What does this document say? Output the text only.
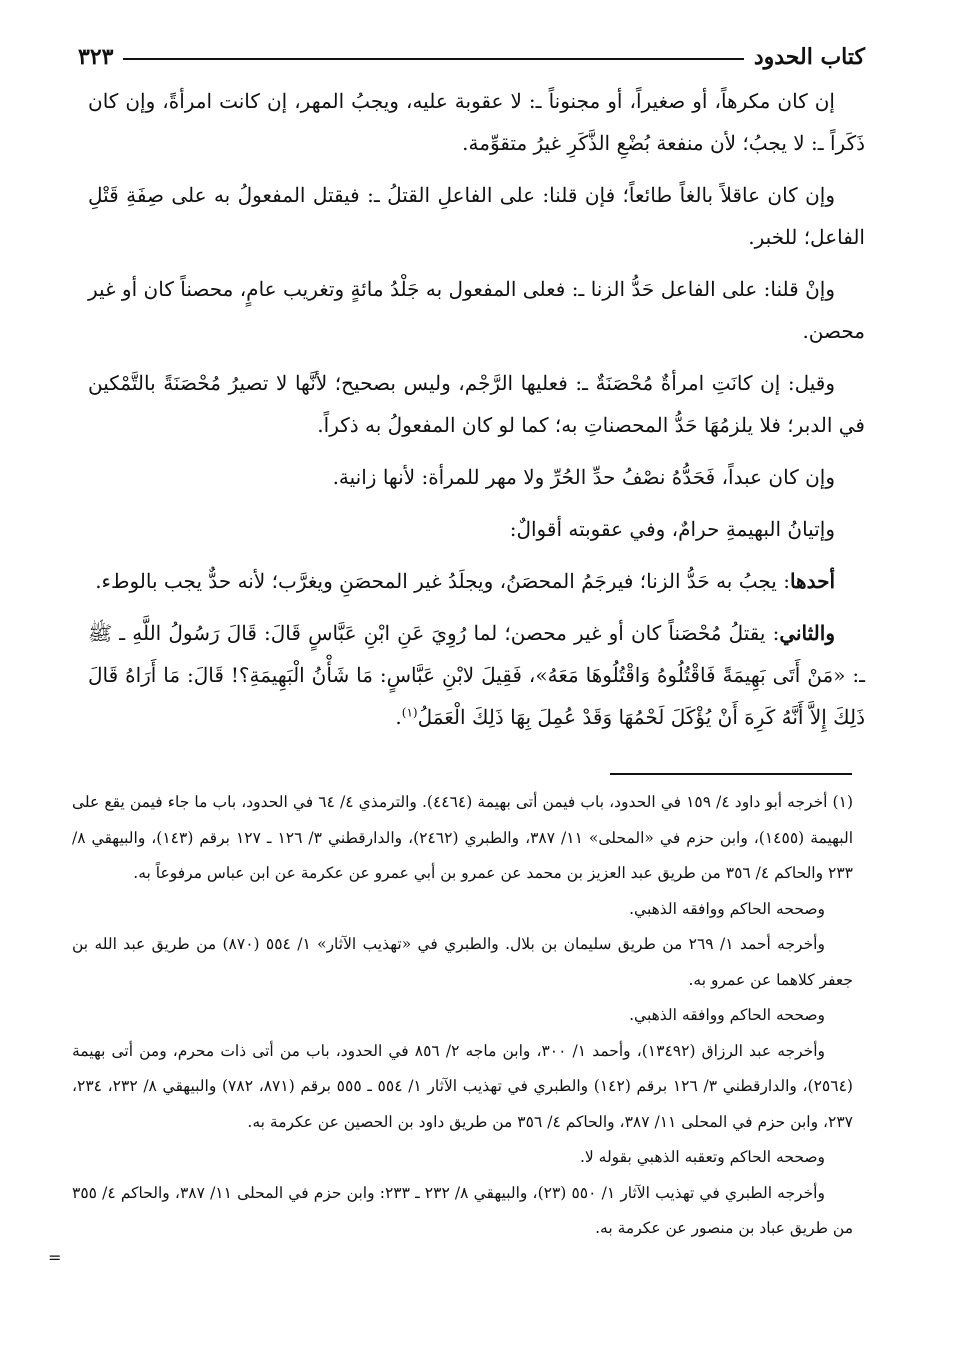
كتاب الحدود
٣٢٣

إن كان مكرهاً، أو صغيراً، أو مجنوناً ـ: لا عقوبة عليه، ويجبُ المهر، إن كانت امرأةً، وإن كان ذَكَراً ـ: لا يجبُ؛ لأن منفعة بُضْعِ الذَّكَرِ غيرُ متقوِّمة.

وإن كان عاقلاً بالغاً طائعاً؛ فإن قلنا: على الفاعلِ القتلُ ـ: فيقتل المفعولُ به على صِفَةِ قَتْلِ الفاعل؛ للخبر.

وإنْ قلنا: على الفاعل حَدُّ الزنا ـ: فعلى المفعول به جَلْدُ مائةٍ وتغريب عامٍ، محصناً كان أو غير محصن.

وقيل: إن كانَتِ امرأةٌ مُحْصَنَةٌ ـ: فعليها الرَّجْم، وليس بصحيح؛ لأنَّها لا تصيرُ مُحْصَنَةً بالتَّمْكين في الدبر؛ فلا يلزمُهَا حَدُّ المحصناتِ به؛ كما لو كان المفعولُ به ذكراً.

وإن كان عبداً، فَحَدُّهُ نصْفُ حدِّ الحُرِّ ولا مهر للمرأة: لأنها زانية.

وإتيانُ البهيمةِ حرامٌ، وفي عقوبته أقوالٌ:

أحدها: يجبُ به حَدُّ الزنا؛ فيرجَمُ المحصَنُ، ويجلَدُ غير المحصَنِ ويغرَّب؛ لأنه حدٌّ يجب بالوطء.

والثاني: يقتلُ مُحْصَناً كان أو غير محصن؛ لما رُوِيَ عَنِ ابْنِ عَبَّاسٍ قَالَ: قَالَ رَسُولُ اللَّهِ ـ ﷺ ـ: «مَنْ أَتَى بَهِيمَةً فَاقْتُلُوهُ وَاقْتُلُوهَا مَعَهُ»، فَقِيلَ لابْنِ عَبَّاسٍ: مَا شَأْنُ الْبَهِيمَةِ؟! قَالَ: مَا أَرَاهُ قَالَ ذَلِكَ إِلاَّ أَنَّهُ كَرِهَ أَنْ يُؤْكَلَ لَحْمُهَا وَقَدْ عُمِلَ بِهَا ذَلِكَ الْعَمَلُ$^{(١)}$.

(١) أخرجه أبو داود ٤/ ١٥٩ في الحدود، باب فيمن أتى بهيمة (٤٤٦٤). والترمذي ٤/ ٦٤ في الحدود، باب ما جاء فيمن يقع على البهيمة (١٤٥٥)، وابن حزم في «المحلى» ١١/ ٣٨٧، والطبري (٢٤٦٢)، والدارقطني ٣/ ١٢٦ ـ ١٢٧ برقم (١٤٣)، والبيهقي ٨/ ٢٣٣ والحاكم ٤/ ٣٥٦ من طريق عبد العزيز بن محمد عن عمرو بن أبي عمرو عن عكرمة عن ابن عباس مرفوعاً به.

وصححه الحاكم ووافقه الذهبي.

وأخرجه أحمد ١/ ٢٦٩ من طريق سليمان بن بلال. والطبري في «تهذيب الآثار» ١/ ٥٥٤ (٨٧٠) من طريق عبد الله بن جعفر كلاهما عن عمرو به.

وصححه الحاكم ووافقه الذهبي.

وأخرجه عبد الرزاق (١٣٤٩٢)، وأحمد ١/ ٣٠٠، وابن ماجه ٢/ ٨٥٦ في الحدود، باب من أتى ذات محرم، ومن أتى بهيمة (٢٥٦٤)، والدارقطني ٣/ ١٢٦ برقم (١٤٢) والطبري في تهذيب الآثار ١/ ٥٥٤ ـ ٥٥٥ برقم (٨٧١، ٧٨٢) والبيهقي ٨/ ٢٣٢، ٢٣٤، ٢٣٧، وابن حزم في المحلى ١١/ ٣٨٧، والحاكم ٤/ ٣٥٦ من طريق داود بن الحصين عن عكرمة به.

وصححه الحاكم وتعقبه الذهبي بقوله لا.

وأخرجه الطبري في تهذيب الآثار ١/ ٥٥٠ (٢٣)، والبيهقي ٨/ ٢٣٢ ـ ٢٣٣: وابن حزم في المحلى ١١/ ٣٨٧، والحاكم ٤/ ٣٥٥ من طريق عباد بن منصور عن عكرمة به.

=
